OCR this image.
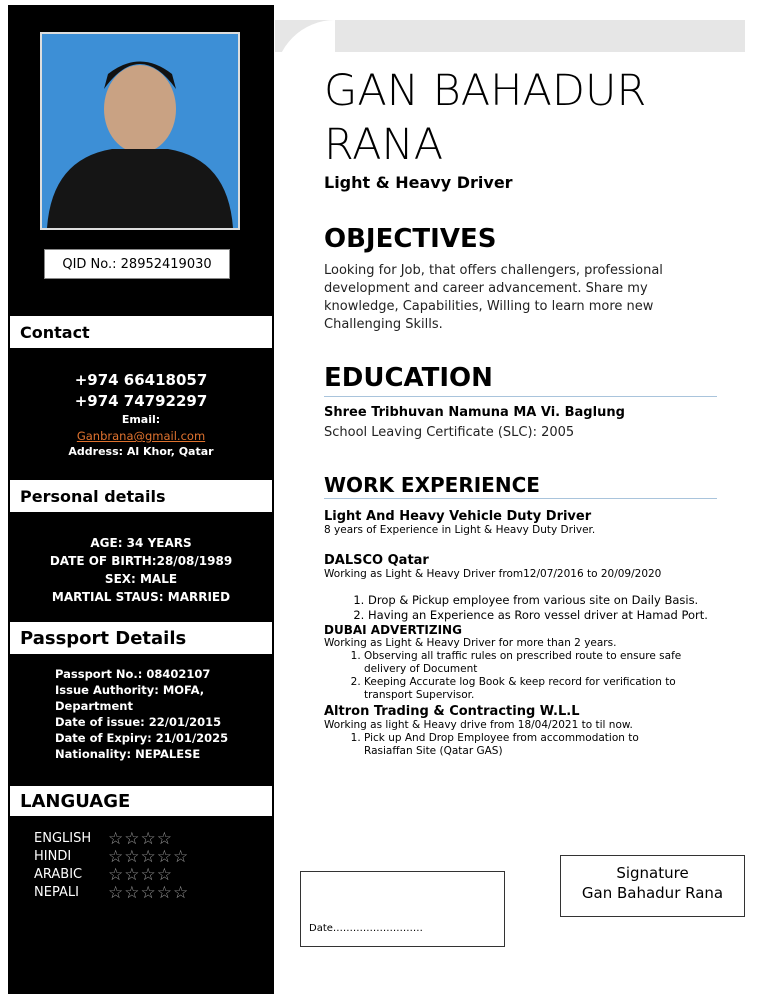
QID No.: 28952419030
Contact
+974 66418057
+974 74792297
Email:
Ganbrana@gmail.com
Address: Al Khor, Qatar
Personal details
AGE: 34 YEARS
DATE OF BIRTH:28/08/1989
SEX: MALE
MARTIAL STAUS: MARRIED
Passport Details
Passport No.: 08402107
Issue Authority: MOFA,
Department
Date of issue: 22/01/2015
Date of Expiry: 21/01/2025
Nationality: NEPALESE
LANGUAGE
ENGLISH ☆☆☆☆
HINDI	☆☆☆☆☆
ARABIC	☆☆☆☆
NEPALI	☆☆☆☆☆
GAN BAHADUR
RANA
Light & Heavy Driver
OBJECTIVES
Looking for Job, that offers challengers, professional development and career advancement. Share my knowledge, Capabilities, Willing to learn more new Challenging Skills.
EDUCATION
Shree Tribhuvan Namuna MA Vi. Baglung
School Leaving Certificate (SLC): 2005
WORK EXPERIENCE
Light And Heavy Vehicle Duty Driver
8 years of Experience in Light & Heavy Duty Driver.
DALSCO Qatar
Working as Light & Heavy Driver from12/07/2016 to 20/09/2020
1. Drop & Pickup employee from various site on Daily Basis.
2. Having an Experience as Roro vessel driver at Hamad Port.
DUBAI ADVERTIZING
Working as Light & Heavy Driver for more than 2 years.
1. Observing all traffic rules on prescribed route to ensure safe delivery of Document
2. Keeping Accurate log Book & keep record for verification to transport Supervisor.
Altron Trading & Contracting W.L.L
Working as light & Heavy drive from 18/04/2021 to til now.
1. Pick up And Drop Employee from accommodation to Rasiaffan Site (Qatar GAS)
Date………………………
Signature
Gan Bahadur Rana
